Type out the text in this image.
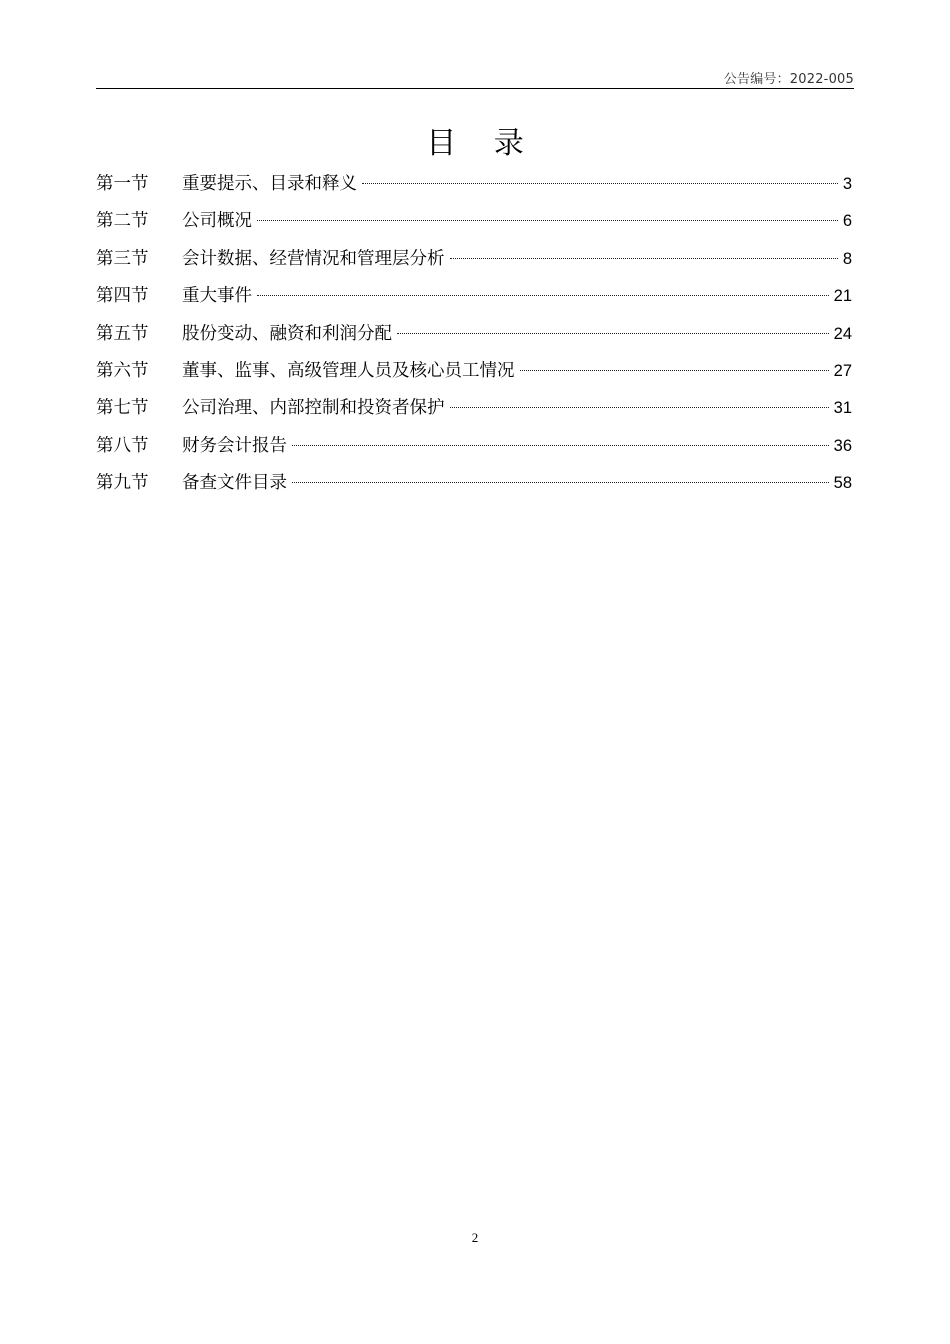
公告编号：2022-005
目 录
第一节	重要提示、目录和释义	3
第二节	公司概况	6
第三节	会计数据、经营情况和管理层分析	8
第四节	重大事件	21
第五节	股份变动、融资和利润分配	24
第六节	董事、监事、高级管理人员及核心员工情况	27
第七节	公司治理、内部控制和投资者保护	31
第八节	财务会计报告	36
第九节	备查文件目录	58
2
